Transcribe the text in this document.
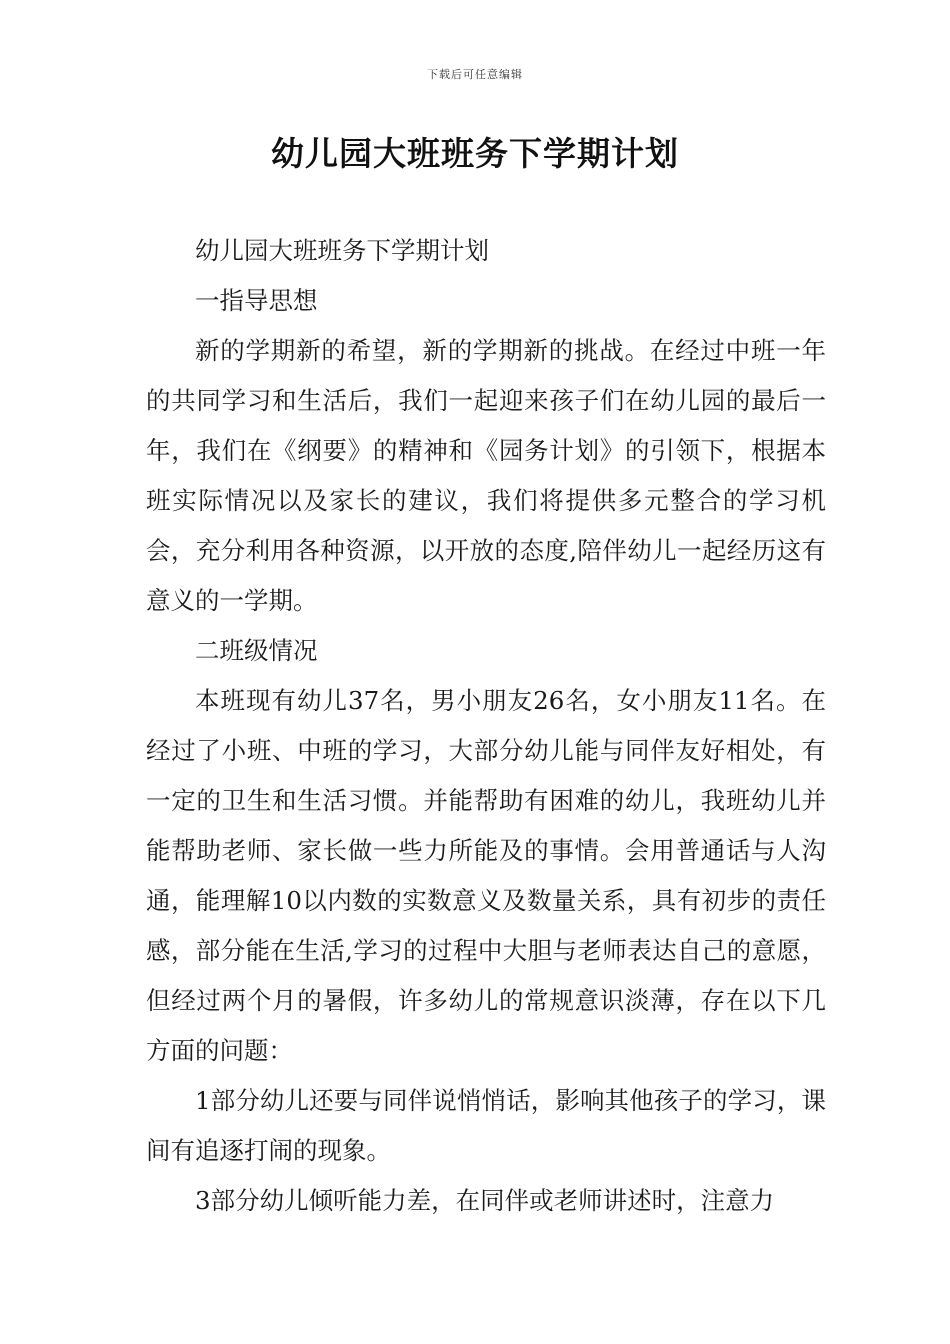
下载后可任意编辑
幼儿园大班班务下学期计划

幼儿园大班班务下学期计划

一指导思想

新的学期新的希望，新的学期新的挑战。在经过中班一年的共同学习和生活后，我们一起迎来孩子们在幼儿园的最后一年，我们在《纲要》的精神和《园务计划》的引领下，根据本班实际情况以及家长的建议，我们将提供多元整合的学习机会，充分利用各种资源，以开放的态度,陪伴幼儿一起经历这有意义的一学期。

二班级情况

本班现有幼儿37名，男小朋友26名，女小朋友11名。在经过了小班、中班的学习，大部分幼儿能与同伴友好相处，有一定的卫生和生活习惯。并能帮助有困难的幼儿，我班幼儿并能帮助老师、家长做一些力所能及的事情。会用普通话与人沟通，能理解10以内数的实数意义及数量关系，具有初步的责任感，部分能在生活,学习的过程中大胆与老师表达自己的意愿，但经过两个月的暑假，许多幼儿的常规意识淡薄，存在以下几方面的问题：

1部分幼儿还要与同伴说悄悄话，影响其他孩子的学习，课间有追逐打闹的现象。

3部分幼儿倾听能力差，在同伴或老师讲述时，注意力
